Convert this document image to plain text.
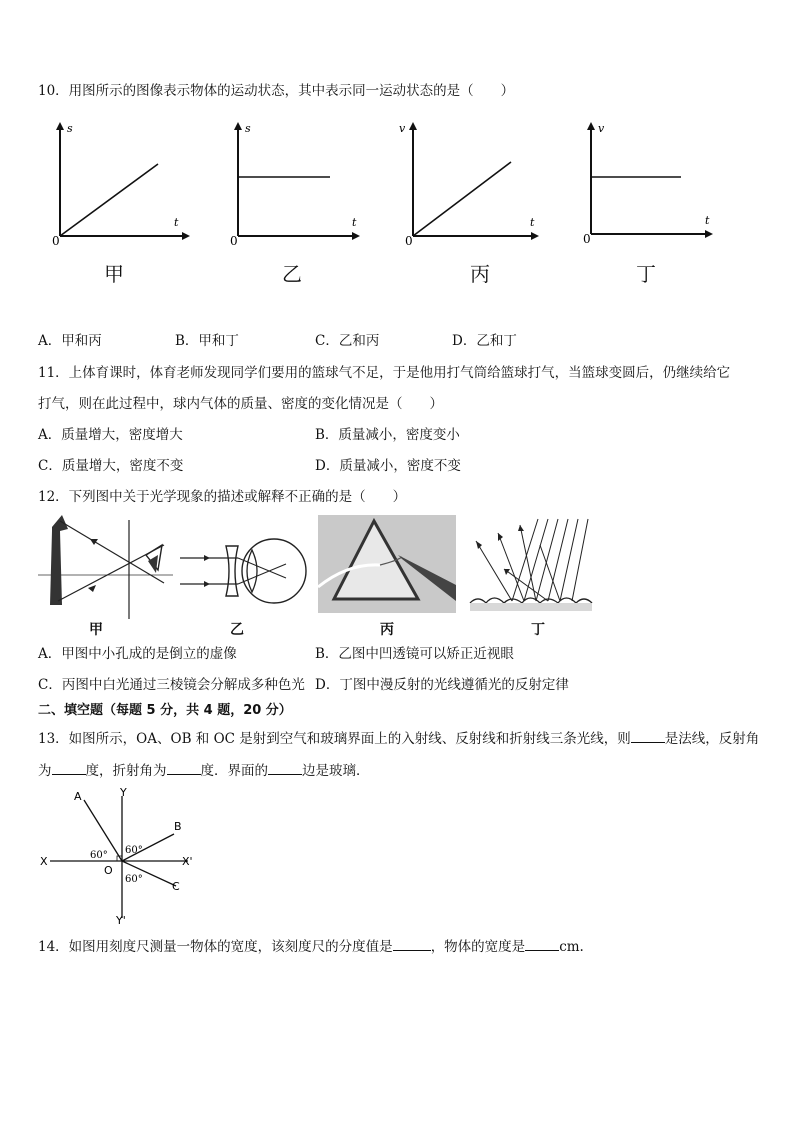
10．用图所示的图像表示物体的运动状态，其中表示同一运动状态的是（　　）
s
t
0
甲
s
t
0
乙
v
t
0
丙
v
t
0
丁
A．甲和丙	B．甲和丁	C．乙和丙	D．乙和丁
11．上体育课时，体育老师发现同学们要用的篮球气不足，于是他用打气筒给篮球打气，当篮球变圆后，仍继续给它
打气，则在此过程中，球内气体的质量、密度的变化情况是（　　）
A．质量增大，密度增大	B．质量减小，密度变小
C．质量增大，密度不变	D．质量减小，密度不变
12．下列图中关于光学现象的描述或解释不正确的是（　　）
甲	乙	丙	丁
A．甲图中小孔成的是倒立的虚像	B．乙图中凹透镜可以矫正近视眼
C．丙图中白光通过三棱镜会分解成多种色光 D．丁图中漫反射的光线遵循光的反射定律
二、填空题（每题 5 分，共 4 题，20 分）
13．如图所示，OA、OB 和 OC 是射到空气和玻璃界面上的入射线、反射线和折射线三条光线，则	是法线，反射角
为	度，折射角为	度．界面的	边是玻璃．
A
B
C
X	X'
Y
Y'
O
60° 60°
60°
14．如图用刻度尺测量一物体的宽度，该刻度尺的分度值是	，物体的宽度是	cm.
